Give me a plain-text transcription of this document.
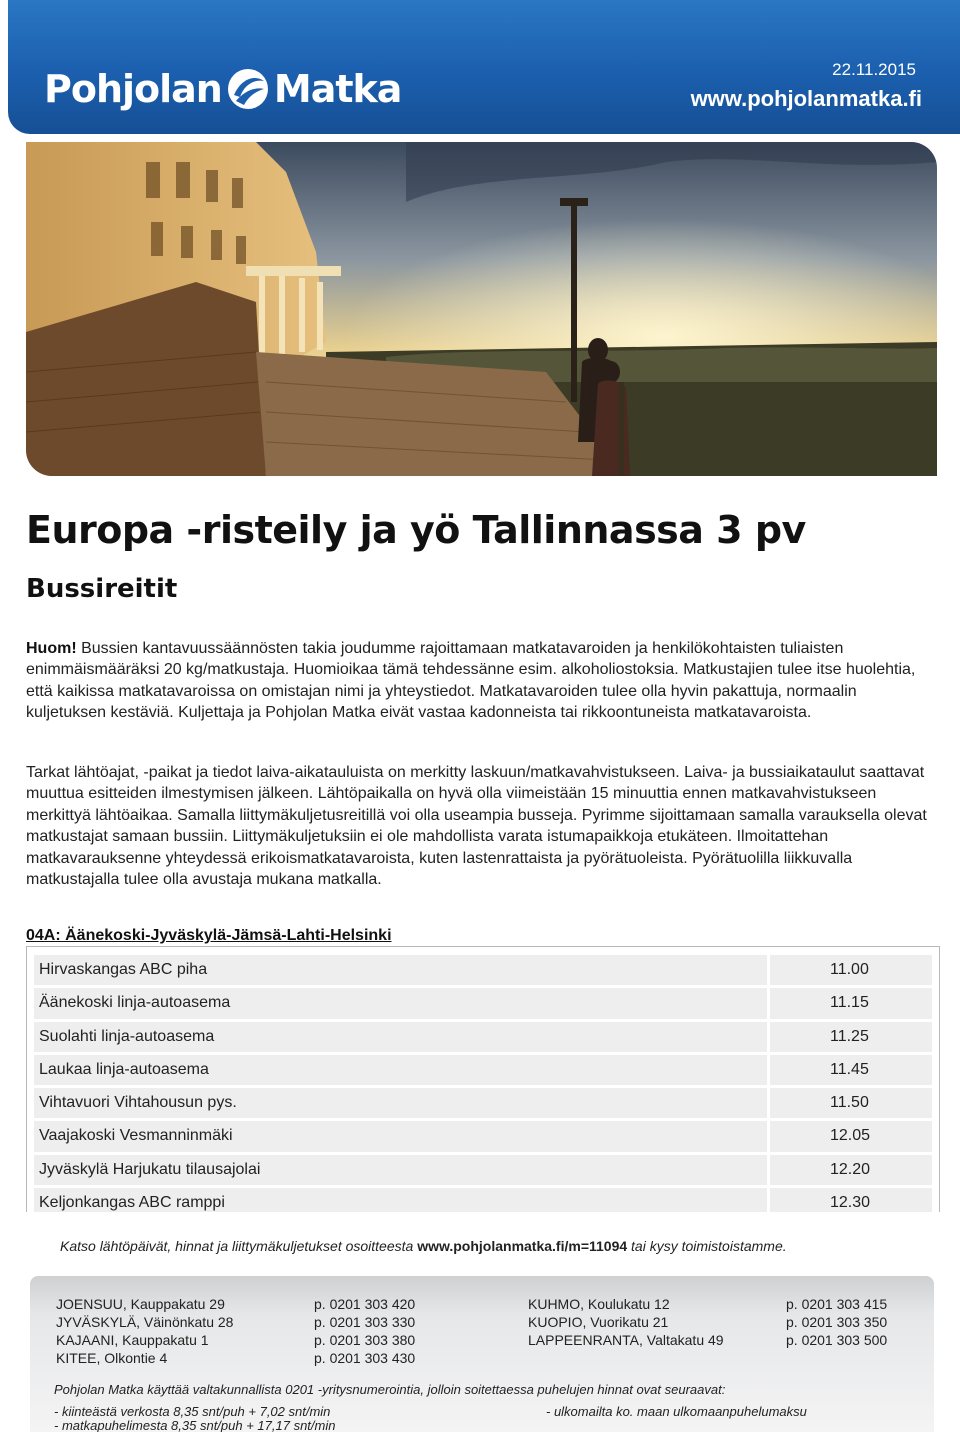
Pohjolan Matka	22.11.2015
www.pohjolanmatka.fi
Europa -risteily ja yö Tallinnassa 3 pv
Bussireitit

Huom! Bussien kantavuussäännösten takia joudumme rajoittamaan matkatavaroiden ja henkilökohtaisten tuliaisten enimmäismääräksi 20 kg/matkustaja. Huomioikaa tämä tehdessänne esim. alkoholiostoksia. Matkustajien tulee itse huolehtia, että kaikissa matkatavaroissa on omistajan nimi ja yhteystiedot. Matkatavaroiden tulee olla hyvin pakattuja, normaalin kuljetuksen kestäviä. Kuljettaja ja Pohjolan Matka eivät vastaa kadonneista tai rikkoontuneista matkatavaroista.

Tarkat lähtöajat, -paikat ja tiedot laiva-aikatauluista on merkitty laskuun/matkavahvistukseen. Laiva- ja bussiaikataulut saattavat muuttua esitteiden ilmestymisen jälkeen. Lähtöpaikalla on hyvä olla viimeistään 15 minuuttia ennen matkavahvistukseen merkittyä lähtöaikaa. Samalla liittymäkuljetusreitillä voi olla useampia busseja. Pyrimme sijoittamaan samalla varauksella olevat matkustajat samaan bussiin. Liittymäkuljetuksiin ei ole mahdollista varata istumapaikkoja etukäteen. Ilmoitattehan matkavarauksenne yhteydessä erikoismatkatavaroista, kuten lastenrattaista ja pyörätuoleista. Pyörätuolilla liikkuvalla matkustajalla tulee olla avustaja mukana matkalla.

04A: Äänekoski-Jyväskylä-Jämsä-Lahti-Helsinki
Hirvaskangas ABC piha	11.00
Äänekoski linja-autoasema	11.15
Suolahti linja-autoasema	11.25
Laukaa linja-autoasema	11.45
Vihtavuori Vihtahousun pys.	11.50
Vaajakoski Vesmanninmäki	12.05
Jyväskylä Harjukatu tilausajolai	12.20
Keljonkangas ABC ramppi	12.30
Katso lähtöpäivät, hinnat ja liittymäkuljetukset osoitteesta www.pohjolanmatka.fi/m=11094 tai kysy toimistoistamme.
JOENSUU, Kauppakatu 29	p. 0201 303 420
JYVÄSKYLÄ, Väinönkatu 28	p. 0201 303 330
KAJAANI, Kauppakatu 1	p. 0201 303 380
KITEE, Olkontie 4	p. 0201 303 430
KUHMO, Koulukatu 12	p. 0201 303 415
KUOPIO, Vuorikatu 21	p. 0201 303 350
LAPPEENRANTA, Valtakatu 49	p. 0201 303 500
Pohjolan Matka käyttää valtakunnallista 0201 -yritysnumerointia, jolloin soitettaessa puhelujen hinnat ovat seuraavat:
- kiinteästä verkosta 8,35 snt/puh + 7,02 snt/min
- matkapuhelimesta 8,35 snt/puh + 17,17 snt/min
- ulkomailta ko. maan ulkomaanpuhelumaksu
